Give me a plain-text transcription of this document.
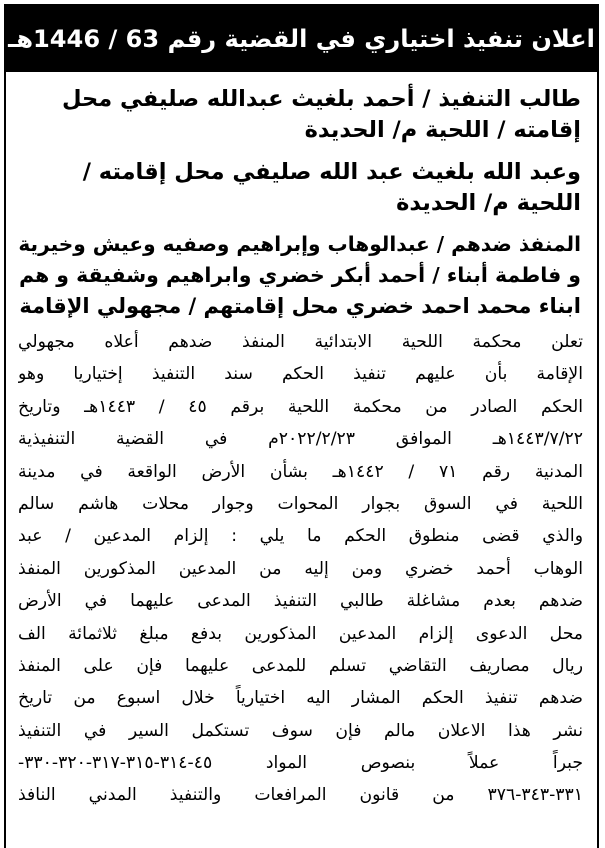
اعلان تنفيذ اختياري في القضية رقم 63 / 1446هـ
طالب التنفيذ / أحمد بلغيث عبدالله صليفي محل
إقامته / اللحية م/ الحديدة
وعبد الله بلغيث عبد الله صليفي محل إقامته /
اللحية م/ الحديدة
المنفذ ضدهم / عبدالوهاب وإبراهيم وصفيه وعيش وخيرية
و فاطمة أبناء / أحمد أبكر خضري وابراهيم وشفيقة و هم
ابناء محمد احمد خضري محل إقامتهم / مجهولي الإقامة
تعلن محكمة اللحية الابتدائية المنفذ ضدهم أعلاه مجهولي
الإقامة بأن عليهم تنفيذ الحكم سند التنفيذ إختياريا وهو
الحكم الصادر من محكمة اللحية برقم ٤٥ / ١٤٤٣هـ وتاريخ
١٤٤٣/٧/٢٢هـ الموافق ٢٠٢٢/٢/٢٣م في القضية التنفيذية
المدنية رقم ٧١ / ١٤٤٢هـ بشأن الأرض الواقعة في مدينة
اللحية في السوق بجوار المحوات وجوار محلات هاشم سالم
والذي قضى منطوق الحكم ما يلي : إلزام المدعين / عبد
الوهاب أحمد خضري ومن إليه من المدعين المذكورين المنفذ
ضدهم بعدم مشاغلة طالبي التنفيذ المدعى عليهما في الأرض
محل الدعوى إلزام المدعين المذكورين بدفع مبلغ ثلاثمائة الف
ريال مصاريف التقاضي تسلم للمدعى عليهما فإن على المنفذ
ضدهم تنفيذ الحكم المشار اليه اختيارياً خلال اسبوع من تاريخ
نشر هذا الاعلان مالم فإن سوف تستكمل السير في التنفيذ
جبراً عملاً بنصوص المواد ٤٥-٣١٤-٣١٥-٣١٧-٣٢٠-٣٣٠-
٣٣١-٣٤٣-٣٧٦ من قانون المرافعات والتنفيذ المدني النافذ
